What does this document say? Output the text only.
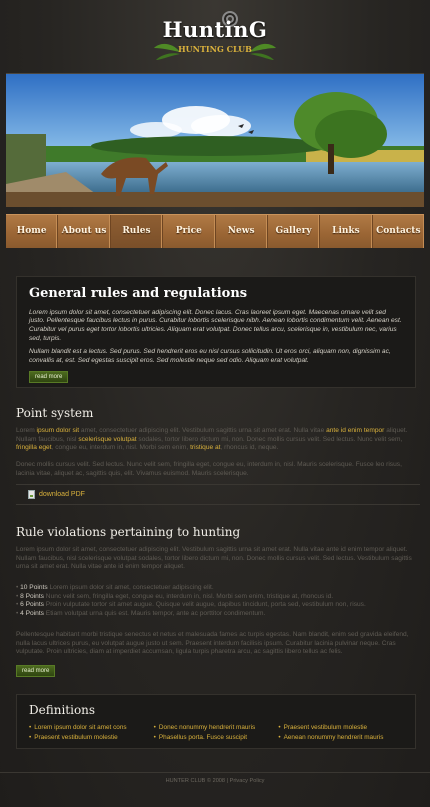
HuntinG
HUNTING CLUB
Home	About us	Rules	Price	News	Gallery	Links	Contacts
General rules and regulations

Lorem ipsum dolor sit amet, consectetuer adipiscing elit. Donec lacus. Cras laoreet ipsum eget. Maecenas ornare velit sed justo. Pellentesque faucibus lectus in purus. Curabitur lobortis scelerisque nibh. Aenean lobortis condimentum velit. Aenean est. Curabitur vel purus eget tortor lobortis ultricies. Aliquam erat volutpat. Donec tellus arcu, scelerisque in, vestibulum nec, varius sed, turpis.

Nullam blandit est a lectus. Sed purus. Sed hendrerit eros eu nisl cursus sollicitudin. Ut eros orci, aliquam non, dignissim ac, convallis at, est. Sed egestas suscipit eros. Sed molestie neque sed odio. Aliquam erat volutpat.

read more
Point system
Lorem ipsum dolor sit amet, consectetuer adipiscing elit. Vestibulum sagittis urna sit amet erat. Nulla vitae ante id enim tempor aliquet. Nullam faucibus, nisl scelerisque volutpat sodales, tortor libero dictum mi, non. Donec mollis cursus velit. Sed lectus. Nunc velit sem, fringilla eget, congue eu, interdum in, nisl. Morbi sem enim, tristique at, rhoncus id, neque.
Donec mollis cursus velit. Sed lectus. Nunc velit sem, fringilla eget, congue eu, interdum in, nisl. Mauris scelerisque. Fusce leo risus, lacinia vitae, aliquet ac, sagittis quis, elit. Vivamus euismod. Mauris scelerisque.
download PDF
Rule violations pertaining to hunting
Lorem ipsum dolor sit amet, consectetuer adipiscing elit. Vestibulum sagittis urna sit amet erat. Nulla vitae ante id enim tempor aliquet. Nullam faucibus, nisl scelerisque volutpat sodales, tortor libero dictum mi, non. Donec mollis cursus velit. Sed lectus. Vestibulum sagittis urna sit amet erat. Nulla vitae ante id enim tempor aliquet.
• 10 Points Lorem ipsum dolor sit amet, consectetuer adipiscing elit.
• 8 Points Nunc velit sem, fringilla eget, congue eu, interdum in, nisl. Morbi sem enim, tristique at, rhoncus id.
• 6 Points Proin vulputate tortor sit amet augue. Quisque velit augue, dapibus tincidunt, porta sed, vestibulum non, risus.
• 4 Points Etiam volutpat urna quis est. Mauris tempor, ante ac porttitor condimentum.
Pellentesque habitant morbi tristique senectus et netus et malesuada fames ac turpis egestas. Nam blandit, enim sed gravida eleifend, nulla lacus ultrices purus, eu volutpat augue justo ut sem. Praesent interdum facilisis ipsum. Curabitur lacinia pulvinar neque. Cras vulputate. Proin ultricies, diam at imperdiet accumsan, ligula turpis pharetra arcu, ac sagittis libero tellus ac felis.
read more
Definitions
• Lorem ipsum dolor sit amet cons
• Praesent vestibulum molestie
• Donec nonummy hendrerit mauris
• Phasellus porta. Fusce suscipit
• Praesent vestibulum molestie
• Aenean nonummy hendrerit mauris
HUNTER CLUB © 2008 | Privacy Policy
